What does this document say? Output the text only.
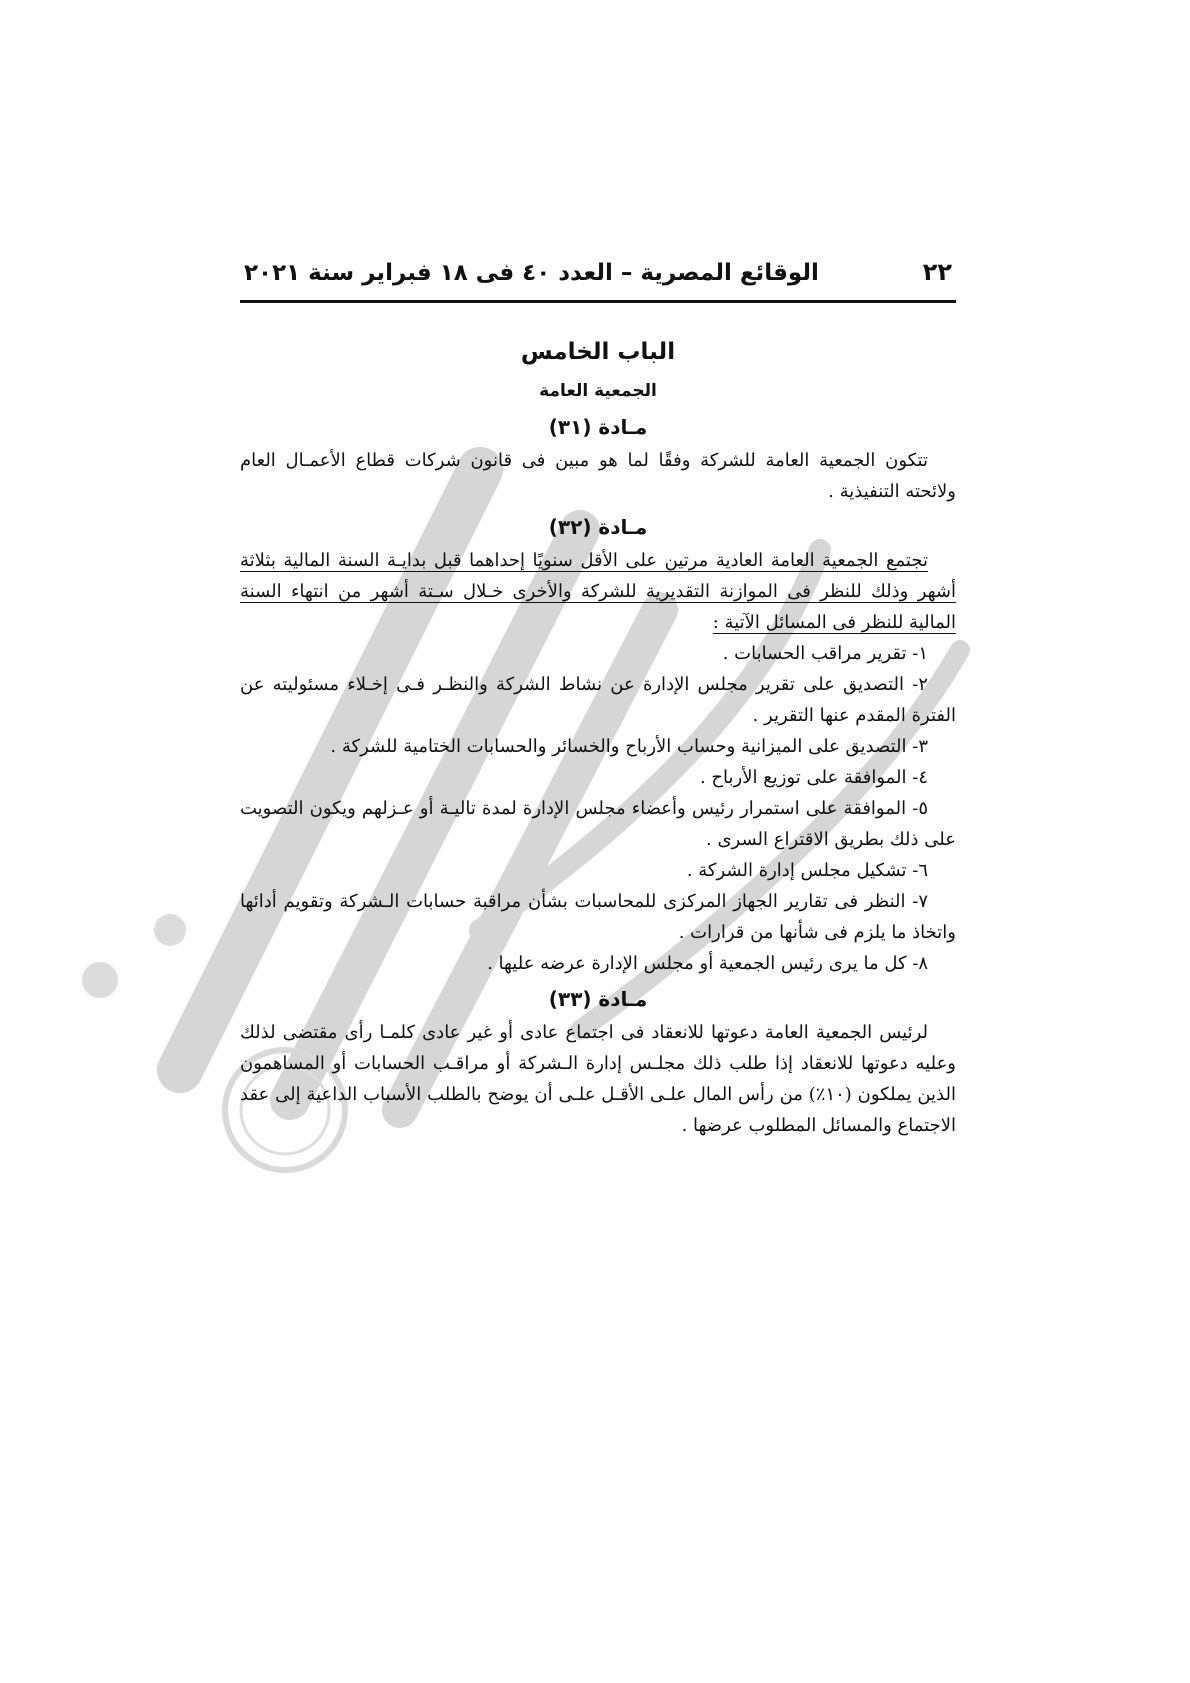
٢٢
الوقائع المصرية – العدد ٤٠ فى ١٨ فبراير سنة ٢٠٢١
الباب الخامس
الجمعية العامة
مـادة (٣١)

تتكون الجمعية العامة للشركة وفقًا لما هو مبين فى قانون شركات قطاع الأعمـال العام ولائحته التنفيذية .

مـادة (٣٢)

تجتمع الجمعية العامة العادية مرتين على الأقل سنويًا إحداهما قبل بدايـة السنة المالية بثلاثة أشهر وذلك للنظر فى الموازنة التقديرية للشركة والأخرى خـلال سـتة أشهر من انتهاء السنة المالية للنظر فى المسائل الآتية :

١- تقرير مراقب الحسابات .

٢- التصديق على تقرير مجلس الإدارة عن نشاط الشركة والنظـر فـى إخـلاء مسئوليته عن الفترة المقدم عنها التقرير .

٣- التصديق على الميزانية وحساب الأرباح والخسائر والحسابات الختامية للشركة .

٤- الموافقة على توزيع الأرباح .

٥- الموافقة على استمرار رئيس وأعضاء مجلس الإدارة لمدة تاليـة أو عـزلهم ويكون التصويت على ذلك بطريق الاقتراع السرى .

٦- تشكيل مجلس إدارة الشركة .

٧- النظر فى تقارير الجهاز المركزى للمحاسبات بشأن مراقبة حسابات الـشركة وتقويم أدائها واتخاذ ما يلزم فى شأنها من قرارات .

٨- كل ما يرى رئيس الجمعية أو مجلس الإدارة عرضه عليها .

مـادة (٣٣)

لرئيس الجمعية العامة دعوتها للانعقاد فى اجتماع عادى أو غير عادى كلمـا رأى مقتضى لذلك وعليه دعوتها للانعقاد إذا طلب ذلك مجلـس إدارة الـشركة أو مراقـب الحسابات أو المساهمون الذين يملكون (١٠٪) من رأس المال علـى الأقـل علـى أن يوضح بالطلب الأسباب الداعية إلى عقد الاجتماع والمسائل المطلوب عرضها .
